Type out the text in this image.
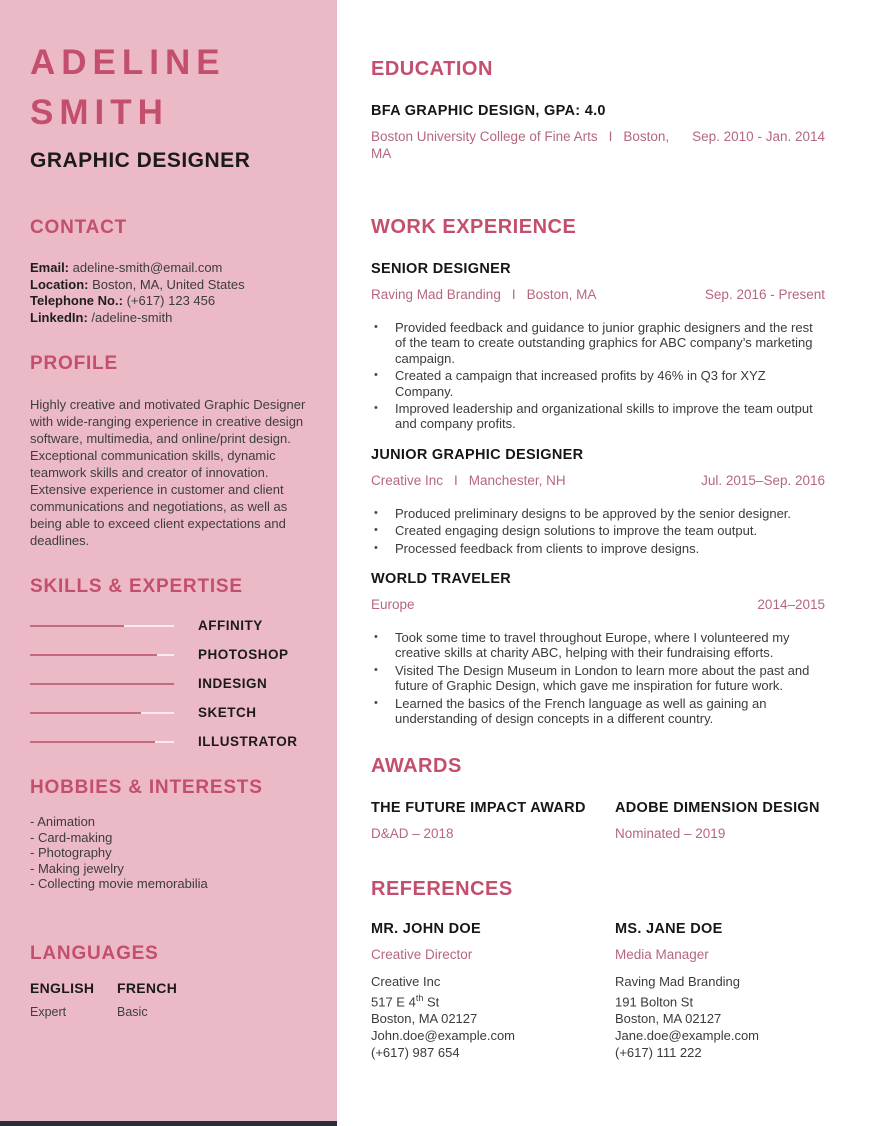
ADELINE
SMITH
GRAPHIC DESIGNER
CONTACT
Email: adeline-smith@email.com
Location: Boston, MA, United States
Telephone No.: (+617) 123 456
LinkedIn: /adeline-smith
PROFILE

Highly creative and motivated Graphic Designer with wide-ranging experience in creative design software, multimedia, and online/print design. Exceptional communication skills, dynamic teamwork skills and creator of innovation. Extensive experience in customer and client communications and negotiations, as well as being able to exceed client expectations and deadlines.

SKILLS & EXPERTISE
AFFINITY
PHOTOSHOP
INDESIGN
SKETCH
ILLUSTRATOR
HOBBIES & INTERESTS
- Animation
- Card-making
- Photography
- Making jewelry
- Collecting movie memorabilia
LANGUAGES
ENGLISH
Expert
FRENCH
Basic
EDUCATION
BFA GRAPHIC DESIGN, GPA: 4.0
Boston University College of Fine Arts I Boston, MA
Sep. 2010 - Jan. 2014
WORK EXPERIENCE
SENIOR DESIGNER
Raving Mad Branding I Boston, MA	Sep. 2016 - Present
•	Provided feedback and guidance to junior graphic designers and the rest of the team to create outstanding graphics for ABC company’s marketing campaign.
•	Created a campaign that increased profits by 46% in Q3 for XYZ Company.
•	Improved leadership and organizational skills to improve the team output and company profits.
JUNIOR GRAPHIC DESIGNER
Creative Inc I Manchester, NH	Jul. 2015–Sep. 2016
•	Produced preliminary designs to be approved by the senior designer.
•	Created engaging design solutions to improve the team output.
•	Processed feedback from clients to improve designs.
WORLD TRAVELER
Europe	2014–2015
•	Took some time to travel throughout Europe, where I volunteered my creative skills at charity ABC, helping with their fundraising efforts.
•	Visited The Design Museum in London to learn more about the past and future of Graphic Design, which gave me inspiration for future work.
•	Learned the basics of the French language as well as gaining an understanding of design concepts in a different country.
AWARDS
THE FUTURE IMPACT AWARD
D&AD – 2018
ADOBE DIMENSION DESIGN
Nominated – 2019
REFERENCES
MR. JOHN DOE
Creative Director
Creative Inc
517 E 4th St
Boston, MA 02127
John.doe@example.com
(+617) 987 654
MS. JANE DOE
Media Manager
Raving Mad Branding
191 Bolton St
Boston, MA 02127
Jane.doe@example.com
(+617) 111 222
